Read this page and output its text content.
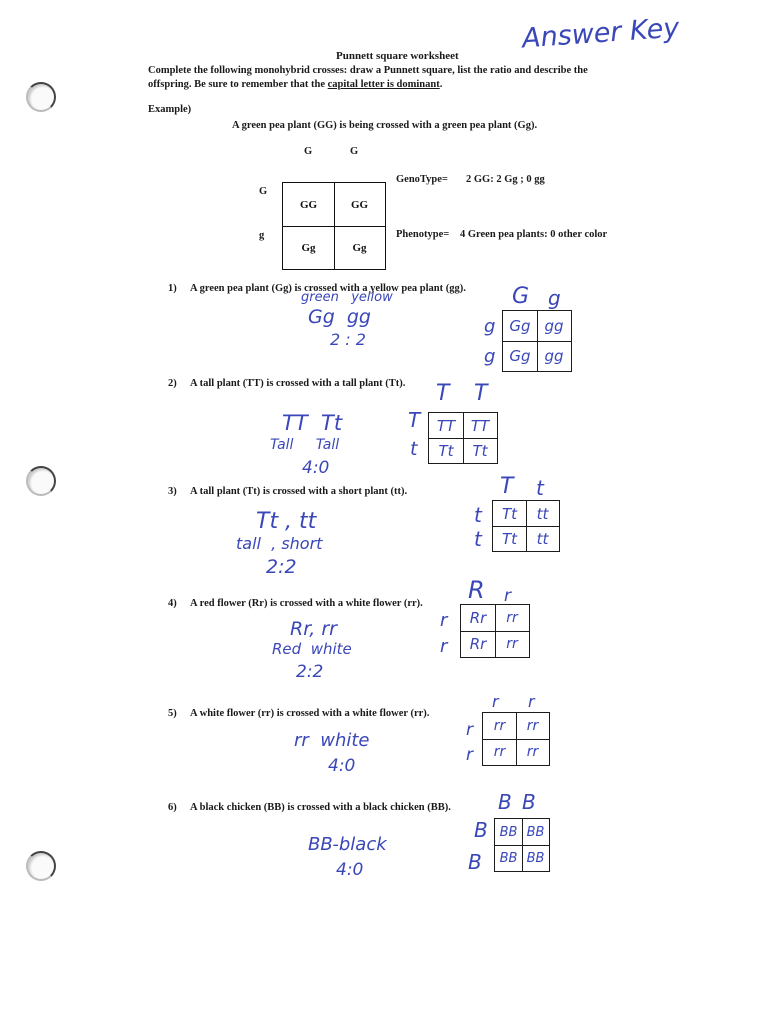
Answer Key
Punnett square worksheet
Complete the following monohybrid crosses: draw a Punnett square, list the ratio and describe the
offspring. Be sure to remember that the capital letter is dominant.
Example)
A green pea plant (GG) is being crossed with a green pea plant (Gg).
G	G
G
g
GG	GG
Gg	Gg
GenoType= 2 GG: 2 Gg ; 0 gg
Phenotype= 4 Green pea plants: 0 other color
1) A green pea plant (Gg) is crossed with a yellow pea plant (gg).
green   yellow
Gg  gg
2 : 2
G g
g
g
Gg gg
Gg gg
2) A tall plant (TT) is crossed with a tall plant (Tt).
TT  Tt
Tall     Tall
4:0
T T
T
t
TT	TT
Tt	Tt
3) A tall plant (Tt) is crossed with a short plant (tt).
Tt , tt
tall  , short
2:2
T t
t
t
Tt	tt
Tt	tt
4) A red flower (Rr) is crossed with a white flower (rr).
Rr, rr
Red  white
2:2
R r
r
r
Rr	rr
Rr	rr
5) A white flower (rr) is crossed with a white flower (rr).
rr  white
4:0
r r
r
r
rr	rr
rr	rr
6) A black chicken (BB) is crossed with a black chicken (BB).
BB-black
4:0
B B
B
B
BB BB
BB BB
